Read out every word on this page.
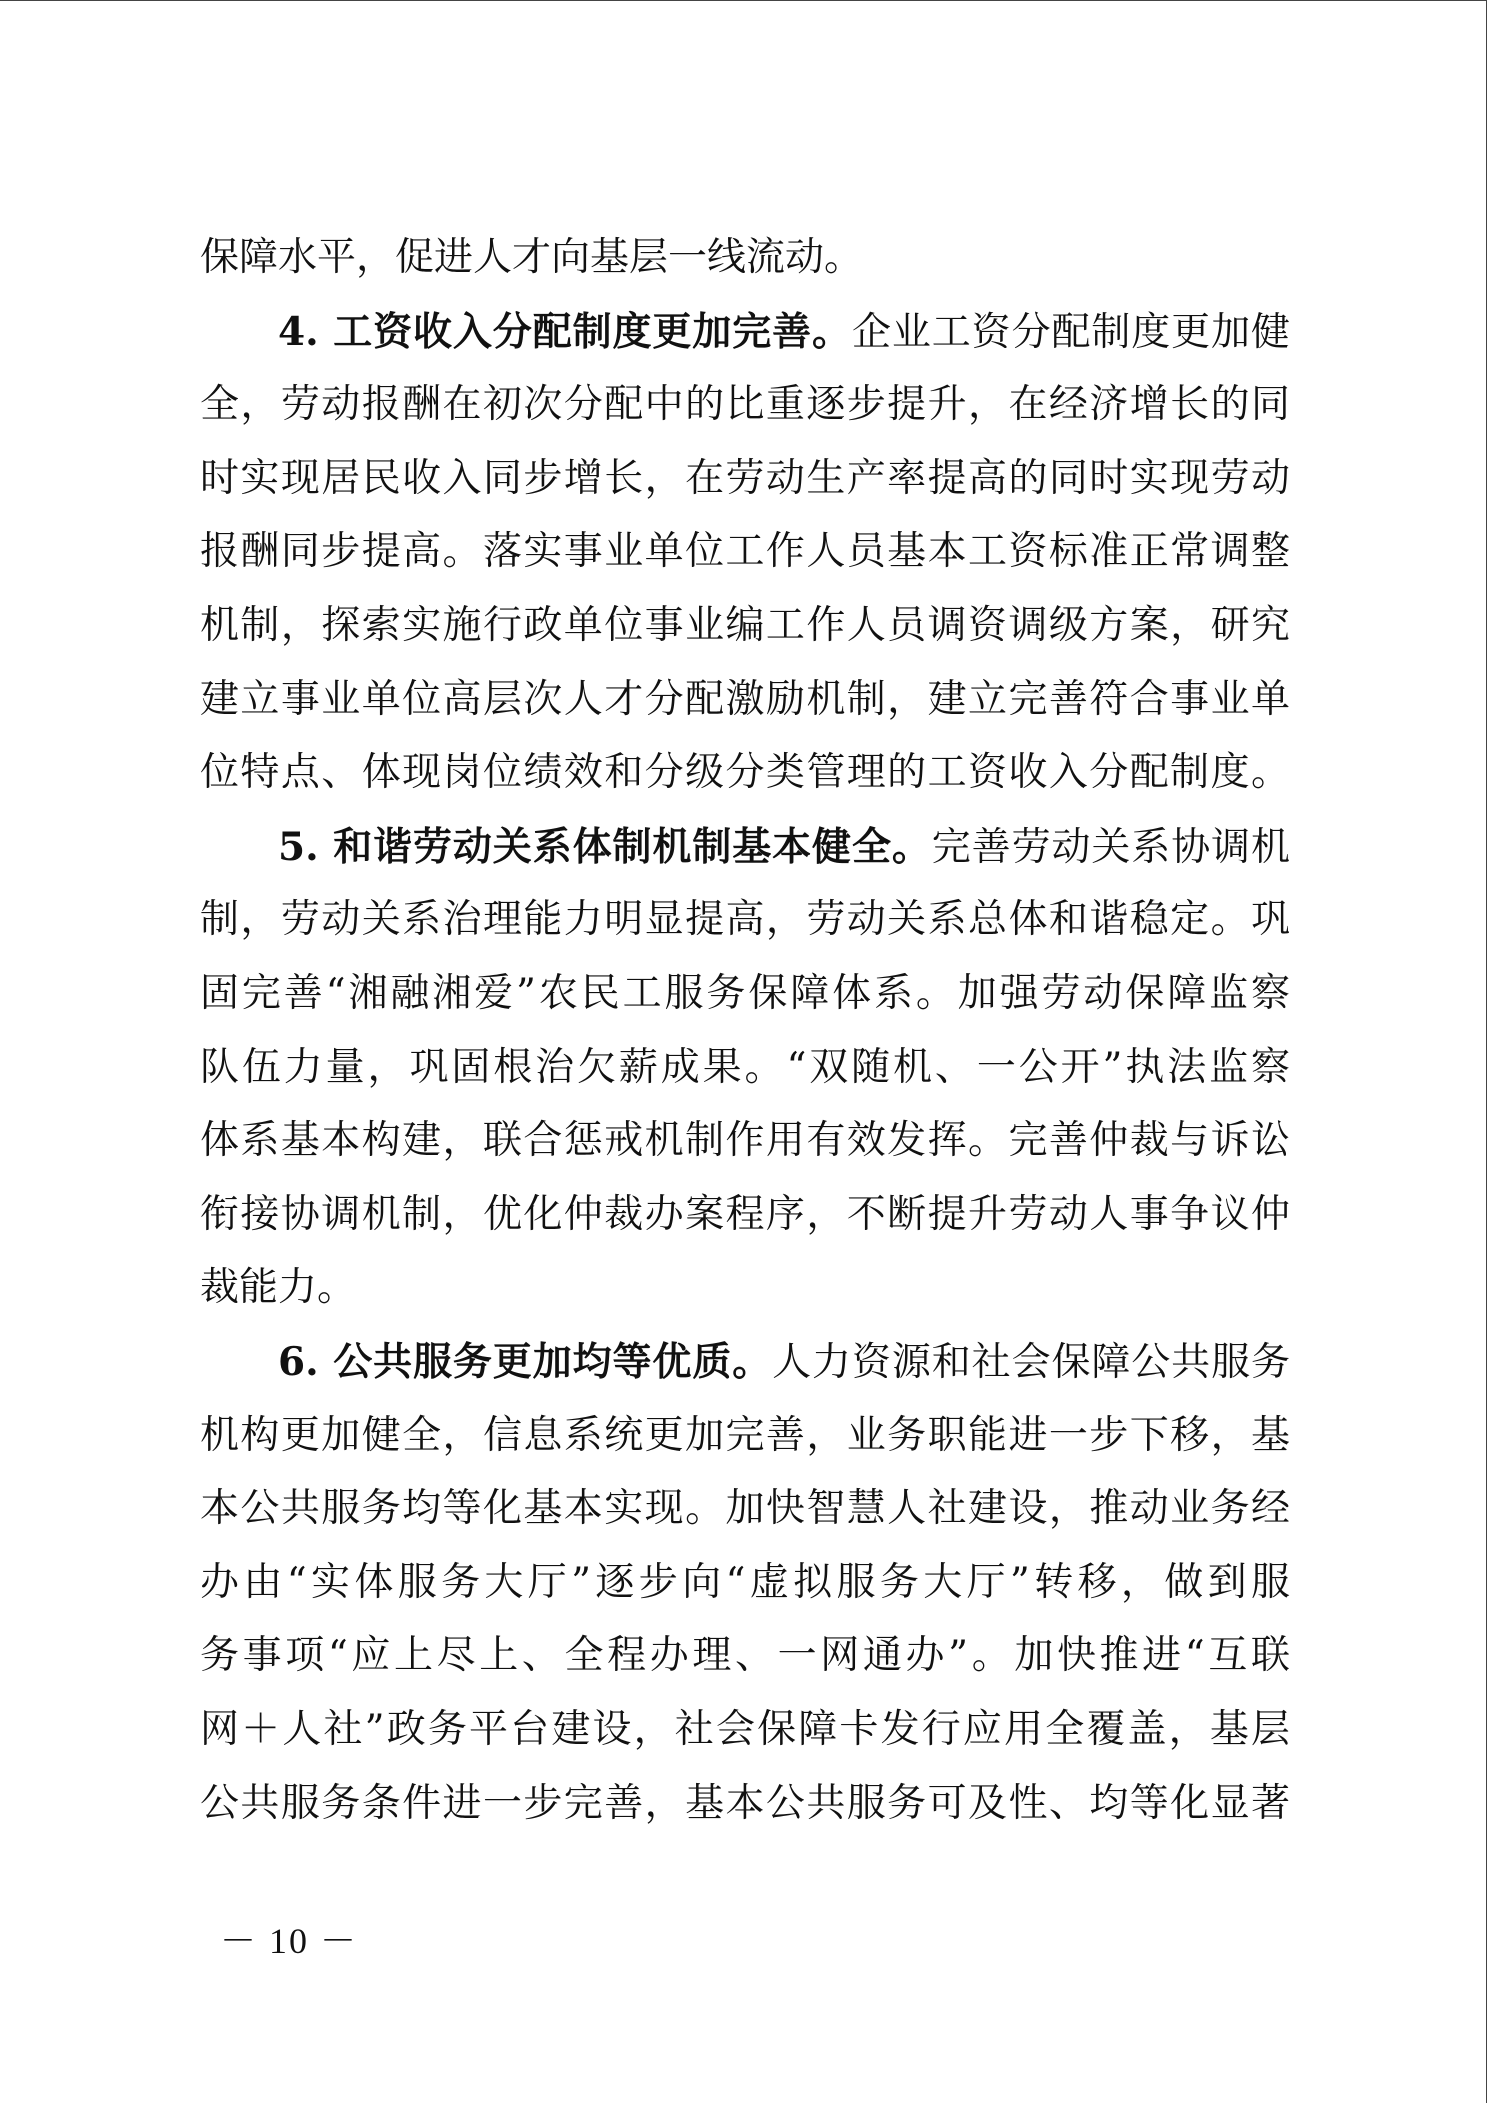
保障水平，促进人才向基层一线流动。
4. 工资收入分配制度更加完善。企业工资分配制度更加健
全，劳动报酬在初次分配中的比重逐步提升，在经济增长的同
时实现居民收入同步增长，在劳动生产率提高的同时实现劳动
报酬同步提高。落实事业单位工作人员基本工资标准正常调整
机制，探索实施行政单位事业编工作人员调资调级方案，研究
建立事业单位高层次人才分配激励机制，建立完善符合事业单
位特点、体现岗位绩效和分级分类管理的工资收入分配制度。
5. 和谐劳动关系体制机制基本健全。完善劳动关系协调机
制，劳动关系治理能力明显提高，劳动关系总体和谐稳定。巩
固完善“湘融湘爱”农民工服务保障体系。加强劳动保障监察
队伍力量，巩固根治欠薪成果。“双随机、一公开”执法监察
体系基本构建，联合惩戒机制作用有效发挥。完善仲裁与诉讼
衔接协调机制，优化仲裁办案程序，不断提升劳动人事争议仲
裁能力。
6. 公共服务更加均等优质。人力资源和社会保障公共服务
机构更加健全，信息系统更加完善，业务职能进一步下移，基
本公共服务均等化基本实现。加快智慧人社建设，推动业务经
办由“实体服务大厅”逐步向“虚拟服务大厅”转移，做到服
务事项“应上尽上、全程办理、一网通办”。加快推进“互联
网＋人社”政务平台建设，社会保障卡发行应用全覆盖，基层
公共服务条件进一步完善，基本公共服务可及性、均等化显著
－ 10 －
